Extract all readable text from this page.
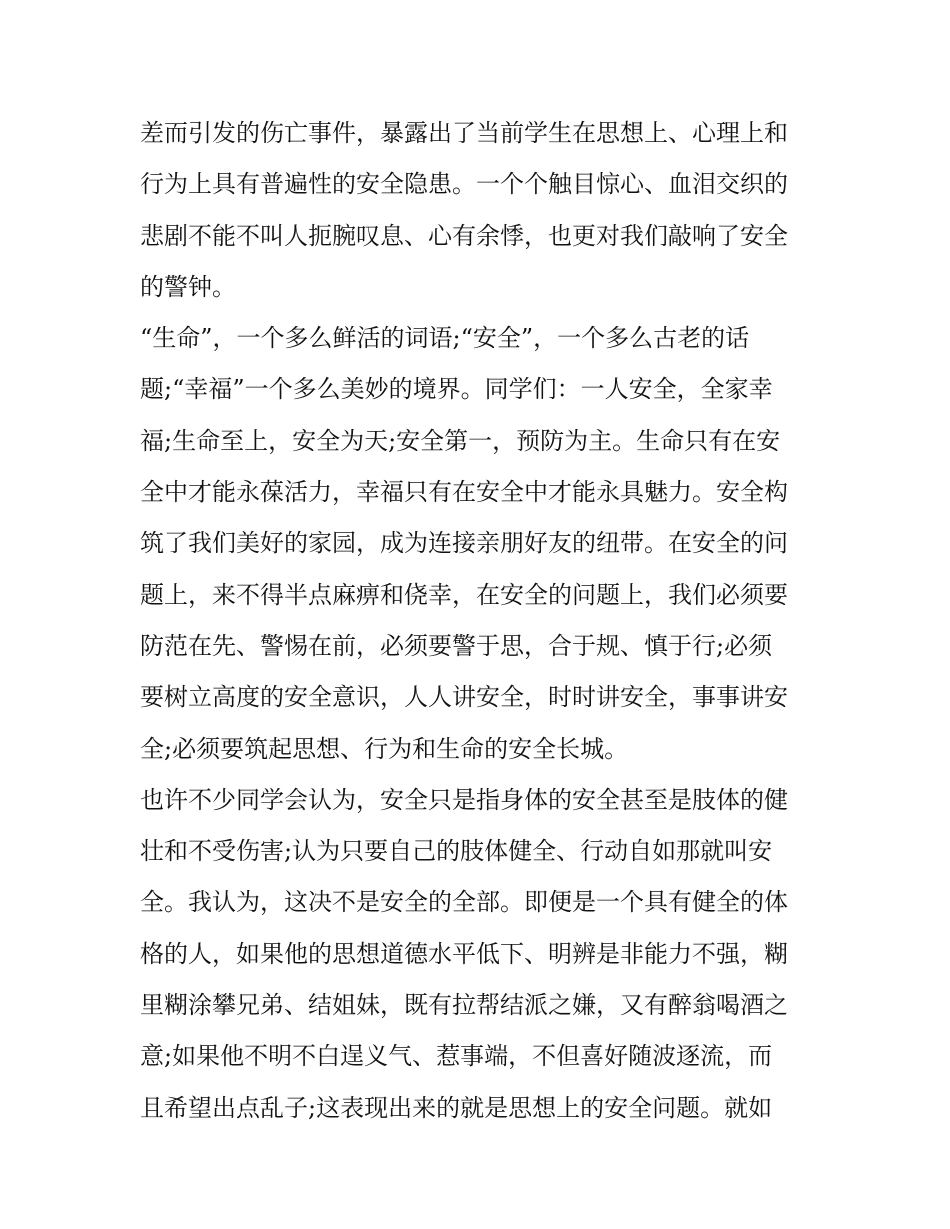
差而引发的伤亡事件，暴露出了当前学生在思想上、心理上和
行为上具有普遍性的安全隐患。一个个触目惊心、血泪交织的
悲剧不能不叫人扼腕叹息、心有余悸，也更对我们敲响了安全
的警钟。
“生命”，一个多么鲜活的词语;“安全”，一个多么古老的话
题;“幸福”一个多么美妙的境界。同学们：一人安全，全家幸
福;生命至上，安全为天;安全第一，预防为主。生命只有在安
全中才能永葆活力，幸福只有在安全中才能永具魅力。安全构
筑了我们美好的家园，成为连接亲朋好友的纽带。在安全的问
题上，来不得半点麻痹和侥幸，在安全的问题上，我们必须要
防范在先、警惕在前，必须要警于思，合于规、慎于行;必须
要树立高度的安全意识，人人讲安全，时时讲安全，事事讲安
全;必须要筑起思想、行为和生命的安全长城。
也许不少同学会认为，安全只是指身体的安全甚至是肢体的健
壮和不受伤害;认为只要自己的肢体健全、行动自如那就叫安
全。我认为，这决不是安全的全部。即便是一个具有健全的体
格的人，如果他的思想道德水平低下、明辨是非能力不强，糊
里糊涂攀兄弟、结姐妹，既有拉帮结派之嫌，又有醉翁喝酒之
意;如果他不明不白逞义气、惹事端，不但喜好随波逐流，而
且希望出点乱子;这表现出来的就是思想上的安全问题。就如
